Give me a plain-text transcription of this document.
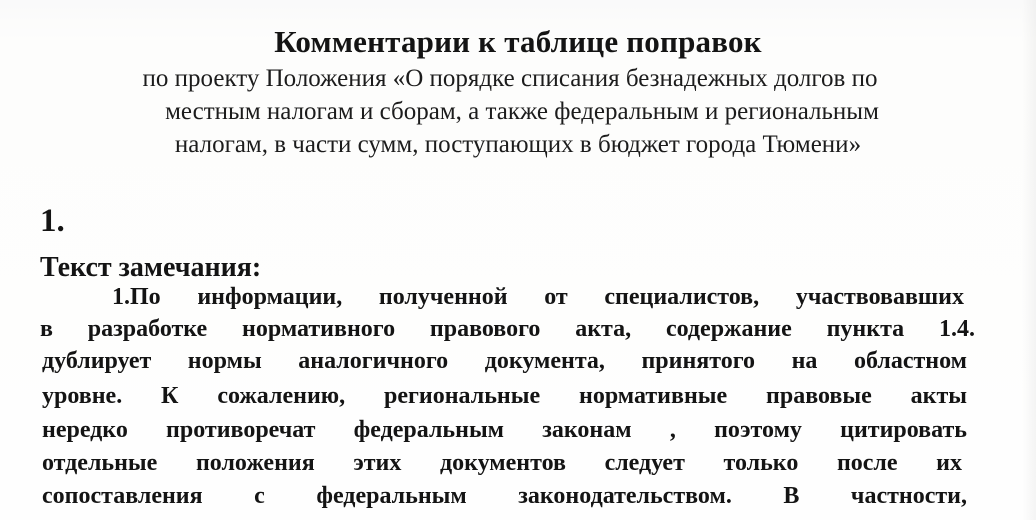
Комментарии к таблице поправок
по проекту Положения «О порядке списания безнадежных долгов по
местным налогам и сборам, а также федеральным и региональным
налогам, в части сумм, поступающих в бюджет города Тюмени»
1.
Текст замечания:
1.По информации, полученной от специалистов, участвовавших
в разработке нормативного правового акта, содержание пункта 1.4.
дублирует нормы аналогичного документа, принятого на областном
уровне. К сожалению, региональные нормативные правовые акты
нередко противоречат федеральным законам , поэтому цитировать
отдельные положения этих документов следует только после их
сопоставления с федеральным законодательством. В частности,
